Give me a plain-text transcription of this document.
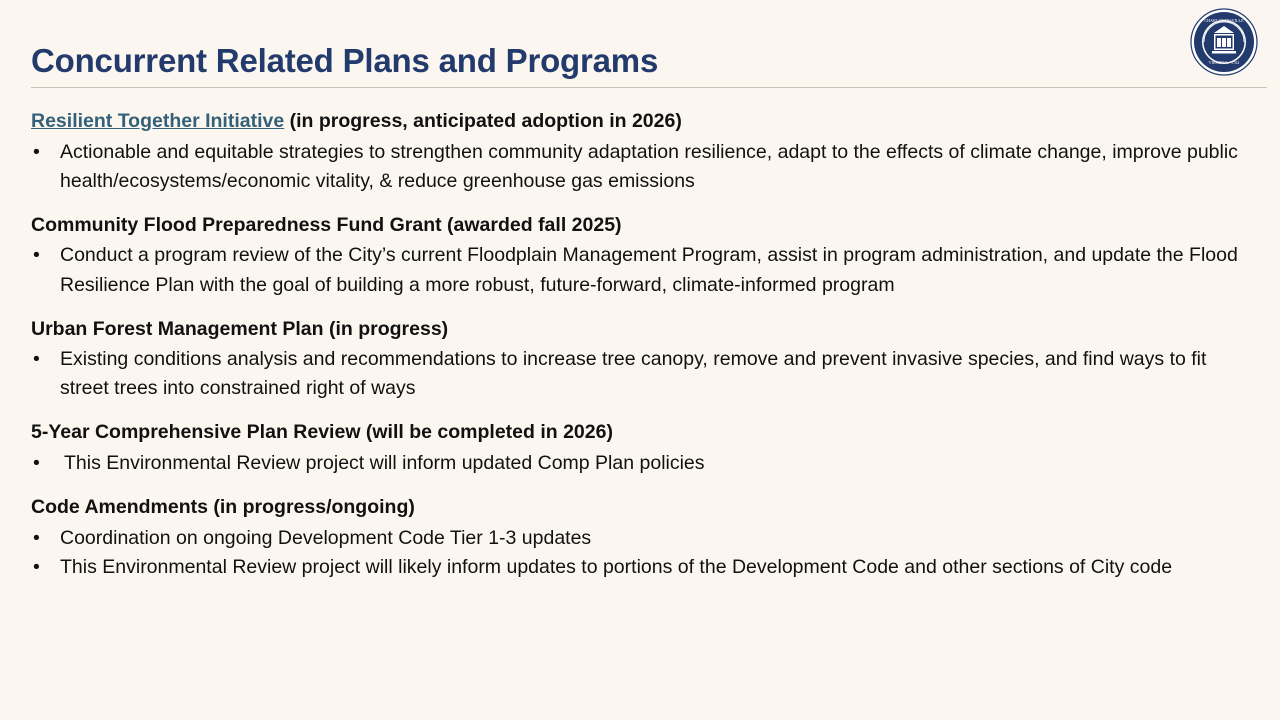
Concurrent Related Plans and Programs
CHARLOTTESVILLE
VIRGINIA · 1762
Resilient Together Initiative (in progress, anticipated adoption in 2026)
• Actionable and equitable strategies to strengthen community adaptation resilience, adapt to the effects of climate change, improve public health/ecosystems/economic vitality, & reduce greenhouse gas emissions
Community Flood Preparedness Fund Grant (awarded fall 2025)
• Conduct a program review of the City’s current Floodplain Management Program, assist in program administration, and update the Flood Resilience Plan with the goal of building a more robust, future-forward, climate-informed program
Urban Forest Management Plan (in progress)
• Existing conditions analysis and recommendations to increase tree canopy, remove and prevent invasive species, and find ways to fit street trees into constrained right of ways
5-Year Comprehensive Plan Review (will be completed in 2026)
• This Environmental Review project will inform updated Comp Plan policies
Code Amendments (in progress/ongoing)
• Coordination on ongoing Development Code Tier 1-3 updates
• This Environmental Review project will likely inform updates to portions of the Development Code and other sections of City code
